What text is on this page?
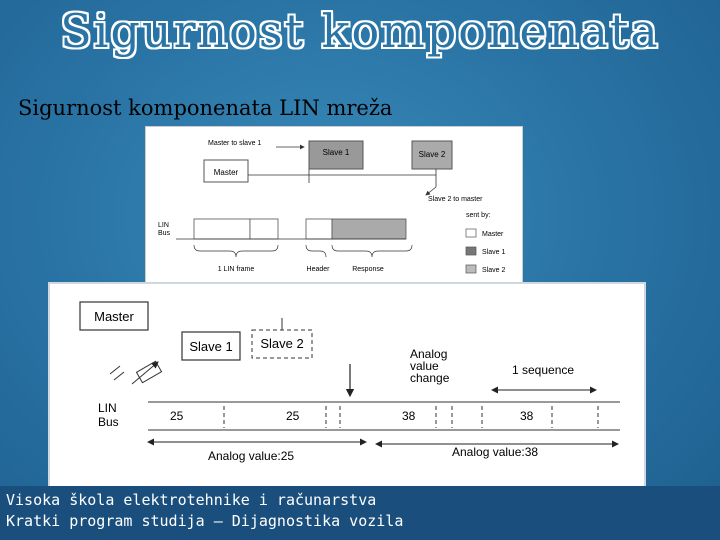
Sigurnost komponenata
Sigurnost komponenata LIN mreža
Master
Slave 1	Slave 2
Master to slave 1
Slave 2 to master
LIN
Bus
1 LIN frame	Header	Response
sent by:
Master
Slave 1
Slave 2
Master
Slave 1 Slave 2
Analog
value
change
1 sequence
LIN
Bus	25	25	38	38
Analog value:25	Analog value:38
Visoka škola elektrotehnike i računarstva
Kratki program studija – Dijagnostika vozila
